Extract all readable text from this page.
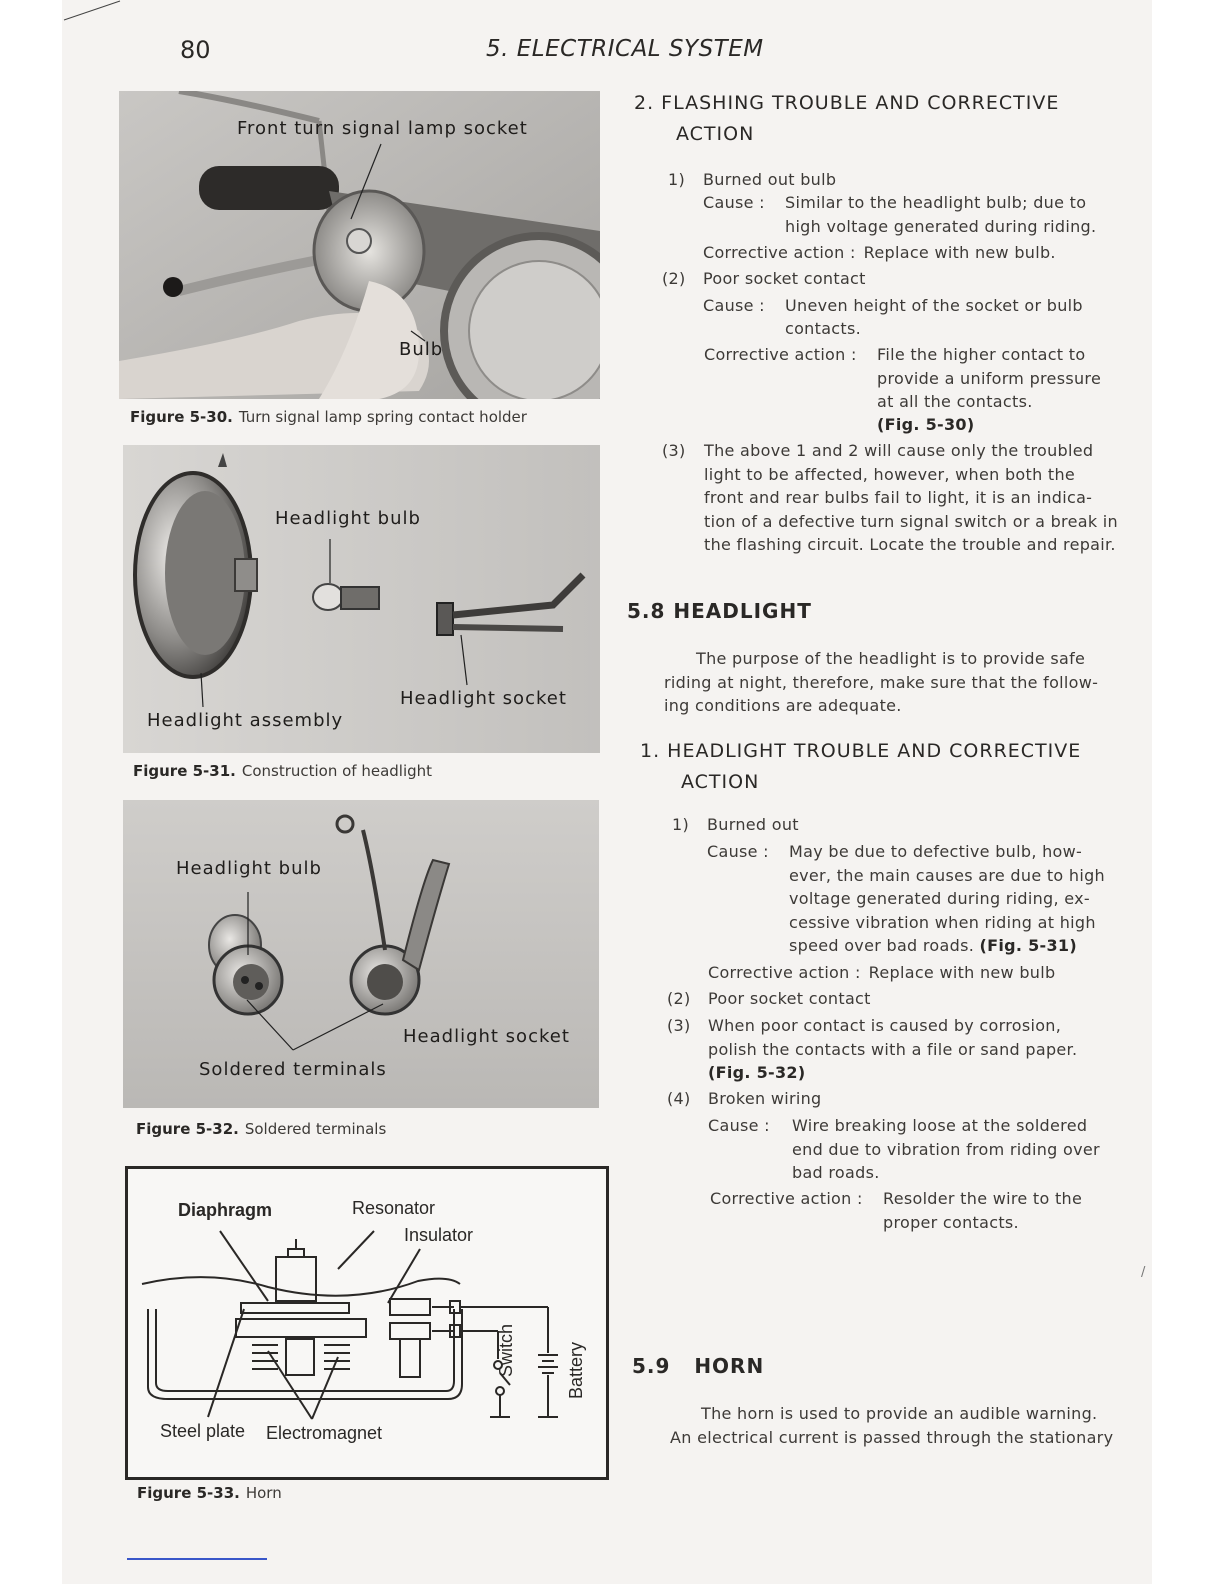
80	5. ELECTRICAL SYSTEM
Front turn signal lamp socket
Bulb
Figure 5-30. Turn signal lamp spring contact holder
Headlight bulb
Headlight socket
Headlight assembly
Figure 5-31. Construction of headlight
Headlight bulb
Headlight socket
Soldered terminals
Figure 5-32. Soldered terminals
Diaphragm	Resonator
Insulator
Steel plate Electromagnet
Switch	Battery
Figure 5-33. Horn
2. FLASHING TROUBLE AND CORRECTIVE
ACTION
1) Burned out bulb
Cause : Similar to the headlight bulb; due to
high voltage generated during riding.
Corrective action : Replace with new bulb.
(2) Poor socket contact
Cause : Uneven height of the socket or bulb
contacts.
Corrective action : File the higher contact to
provide a uniform pressure
at all the contacts.
(Fig. 5-30)
(3) The above 1 and 2 will cause only the troubled
light to be affected, however, when both the
front and rear bulbs fail to light, it is an indica-
tion of a defective turn signal switch or a break in
the flashing circuit. Locate the trouble and repair.
5.8 HEADLIGHT
The purpose of the headlight is to provide safe
riding at night, therefore, make sure that the follow-
ing conditions are adequate.
1. HEADLIGHT TROUBLE AND CORRECTIVE
ACTION
1) Burned out
Cause : May be due to defective bulb, how-
ever, the main causes are due to high
voltage generated during riding, ex-
cessive vibration when riding at high
speed over bad roads. (Fig. 5-31)
Corrective action : Replace with new bulb
(2) Poor socket contact
(3) When poor contact is caused by corrosion,
polish the contacts with a file or sand paper.
(Fig. 5-32)
(4) Broken wiring
Cause : Wire breaking loose at the soldered
end due to vibration from riding over
bad roads.
Corrective action : Resolder the wire to the
proper contacts.
/
5.9   HORN
The horn is used to provide an audible warning.
An electrical current is passed through the stationary
